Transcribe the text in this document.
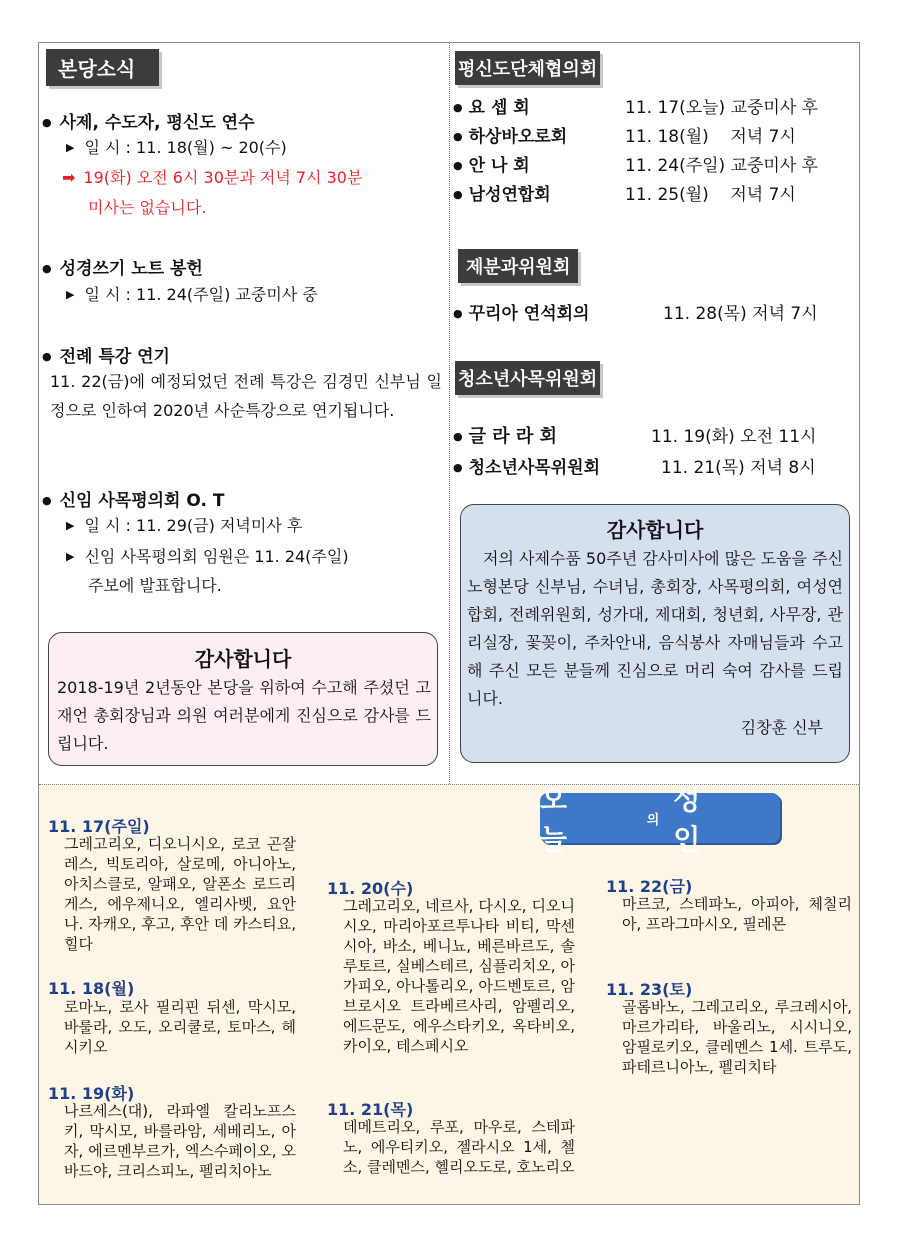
본당소식
● 사제, 수도자, 평신도 연수
▶ 일 시 : 11. 18(월) ~ 20(수)
➡ 19(화) 오전 6시 30분과 저녁 7시 30분
미사는 없습니다.
● 성경쓰기 노트 봉헌
▶ 일 시 : 11. 24(주일) 교중미사 중
● 전례 특강 연기
11. 22(금)에 예정되었던 전례 특강은 김경민 신부님 일정으로 인하여 2020년 사순특강으로 연기됩니다.
● 신임 사목평의회 O. T
▶ 일 시 : 11. 29(금) 저녁미사 후
▶ 신임 사목평의회 임원은 11. 24(주일)
주보에 발표합니다.
감사합니다
2018-19년 2년동안 본당을 위하여 수고해 주셨던 고재언 총회장님과 의원 여러분에게 진심으로 감사를 드립니다.
평신도단체협의회
● 요 셉 회	11. 17(오늘) 교중미사 후
● 하상바오로회	11. 18(월)    저녁 7시
● 안 나 회	11. 24(주일) 교중미사 후
● 남성연합회	11. 25(월)    저녁 7시
제분과위원회
● 꾸리아 연석회의	11. 28(목) 저녁 7시
청소년사목위원회
● 글 라 라 회	11. 19(화) 오전 11시
● 청소년사목위원회	11. 21(목) 저녁 8시
감사합니다
저의 사제수품 50주년 감사미사에 많은 도움을 주신 노형본당 신부님, 수녀님, 총회장, 사목평의회, 여성연합회, 전례위원회, 성가대, 제대회, 청년회, 사무장, 관리실장, 꽃꽂이, 주차안내, 음식봉사 자매님들과 수고해 주신 모든 분들께 진심으로 머리 숙여 감사를 드립니다.
김창훈 신부
오 늘
의
성 인
11. 17(주일)
그레고리오, 디오니시오, 로코 곤잘레스, 빅토리아, 살로메, 아니아노, 아치스클로, 알패오, 알폰소 로드리게스, 에우제니오, 엘리사벳, 요안나. 자캐오, 후고, 후안 데 카스티요, 힐다
11. 18(월)
로마노, 로사 필리핀 뒤센, 막시모, 바룰라, 오도, 오리쿨로, 토마스, 헤시키오
11. 19(화)
나르세스(대), 라파엘 칼리노프스키, 막시모, 바를라암, 세베리노, 아자, 에르멘부르가, 엑스수페이오, 오바드야, 크리스피노, 펠리치아노
11. 20(수)
그레고리오, 네르사, 다시오, 디오니시오, 마리아포르투나타 비티, 막센시아, 바소, 베니뇨, 베른바르도, 솔루토르, 실베스테르, 심플리치오, 아가피오, 아나톨리오, 아드벤토르, 암브로시오 트라베르사리, 암펠리오, 에드문도, 에우스타키오, 옥타비오, 카이오, 테스페시오
11. 21(목)
데메트리오, 루포, 마우로, 스테파노, 에우티키오, 젤라시오 1세, 첼소, 클레멘스, 헬리오도로, 호노리오
11. 22(금)
마르코, 스테파노, 아피아, 체칠리아, 프라그마시오, 필레몬
11. 23(토)
골롬바노, 그레고리오, 루크레시아, 마르가리타, 바울리노, 시시니오, 암필로키오, 클레멘스 1세. 트루도, 파테르니아노, 펠리치타
